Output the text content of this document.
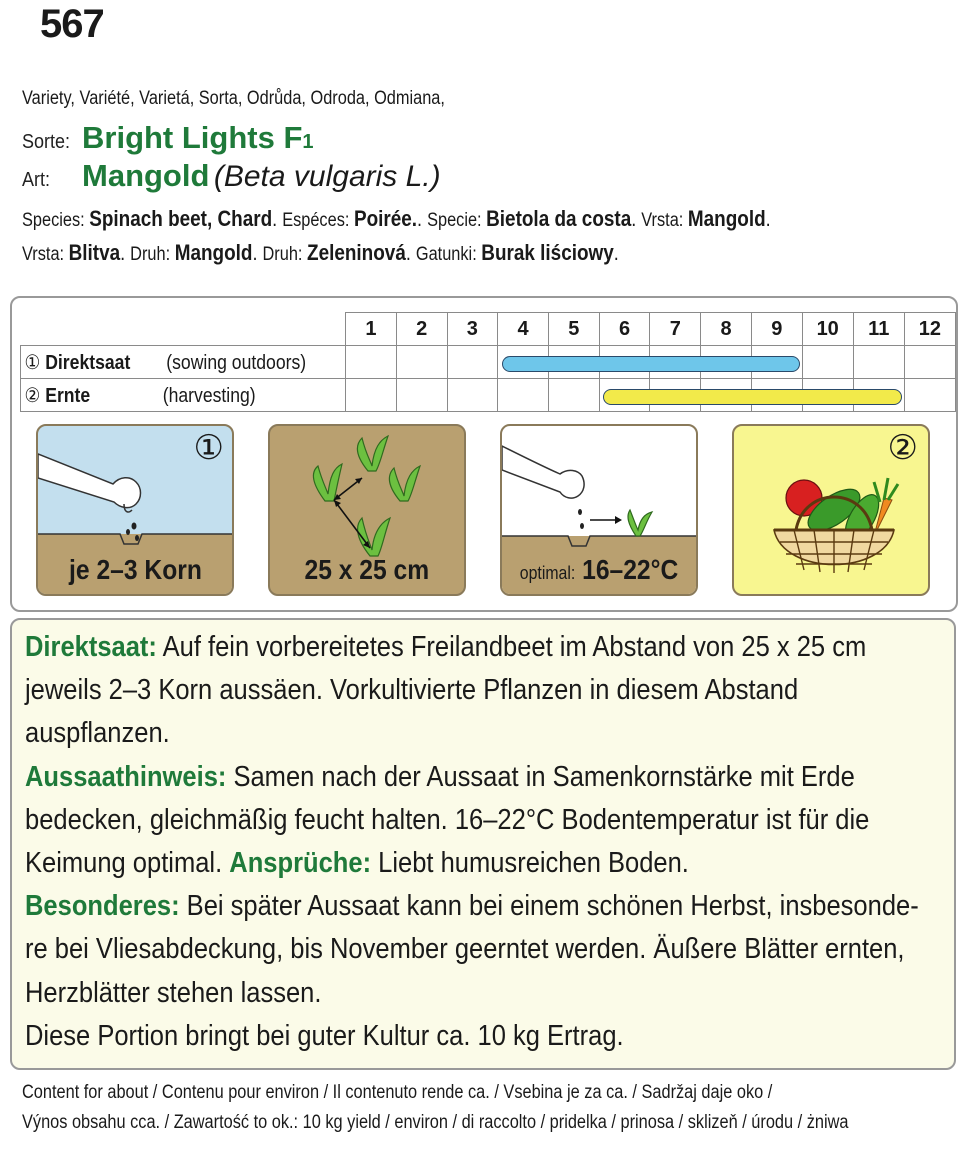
567
Variety, Variété, Varietá, Sorta, Odrůda, Odroda, Odmiana,
Sorte: Bright Lights F1
Art: Mangold (Beta vulgaris L.)
Species: Spinach beet, Chard. Espéces: Poirée.. Specie: Bietola da costa. Vrsta: Mangold.
Vrsta: Blitva. Druh: Mangold. Druh: Zeleninová. Gatunki: Burak liściowy.
	1	2	3	4	5	6	7	8	9	10	11	12
① Direktsaat (sowing outdoors)												
② Ernte (harvesting)												
①
je 2–3 Korn	25 x 25 cm	optimal: 16–22°C
②

Direktsaat: Auf fein vorbereitetes Freilandbeet im Abstand von 25 x 25 cm jeweils 2–3 Korn aussäen. Vorkultivierte Pflanzen in diesem Abstand auspflanzen.

Aussaathinweis: Samen nach der Aussaat in Samenkornstärke mit Erde bedecken, gleichmäßig feucht halten. 16–22°C Bodentemperatur ist für die Keimung optimal. Ansprüche: Liebt humusreichen Boden.

Besonderes: Bei später Aussaat kann bei einem schönen Herbst, insbesonde-re bei Vliesabdeckung, bis November geerntet werden. Äußere Blätter ernten, Herzblätter stehen lassen.

Diese Portion bringt bei guter Kultur ca. 10 kg Ertrag.

Content for about / Contenu pour environ / Il contenuto rende ca. / Vsebina je za ca. / Sadržaj daje oko /
Výnos obsahu cca. / Zawartość to ok.: 10 kg yield / environ / di raccolto / pridelka / prinosa / sklizeň / úrodu / żniwa
